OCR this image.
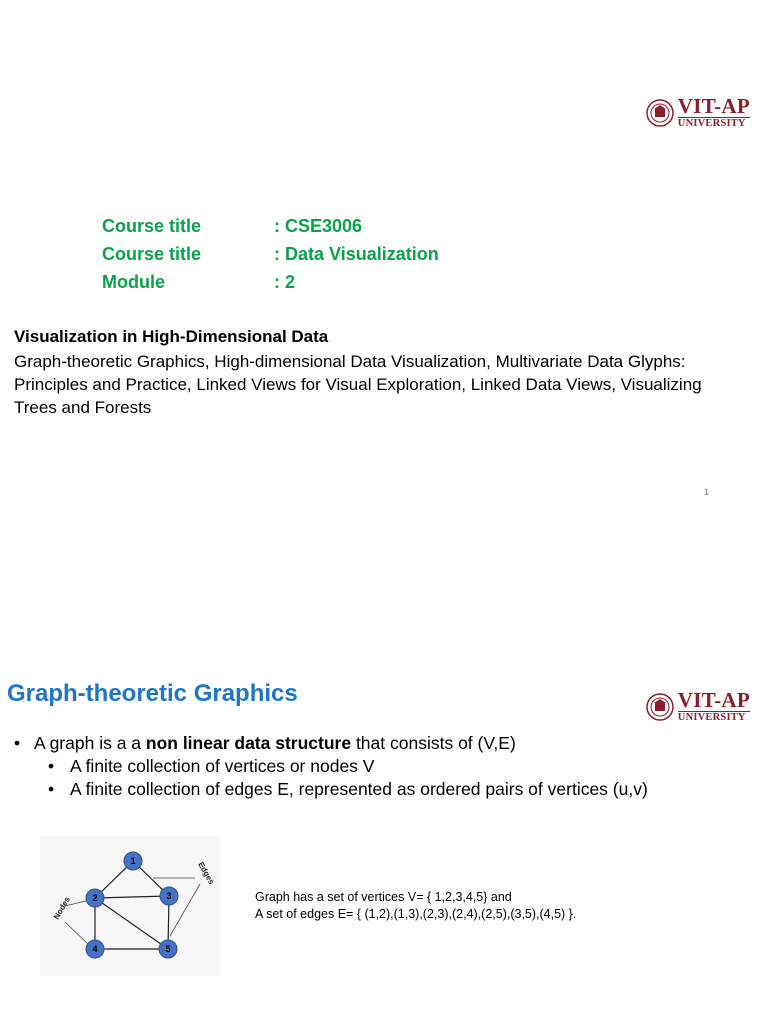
VIT-AP
UNIVERSITY
Course title	: CSE3006
Course title	: Data Visualization
Module	: 2
Visualization in High-Dimensional Data
Graph-theoretic Graphics, High-dimensional Data Visualization, Multivariate Data Glyphs: Principles and Practice, Linked Views for Visual Exploration, Linked Data Views, Visualizing Trees and Forests
1
Graph-theoretic Graphics	VIT-AP
UNIVERSITY
• A graph is a a non linear data structure that consists of (V,E)
• A finite collection of vertices or nodes V
• A finite collection of edges E, represented as ordered pairs of vertices (u,v)
Nodes
Edges
1
2	3
4	5
Graph has a set of vertices V= { 1,2,3,4,5} and
A set of edges E= { (1,2),(1,3),(2,3),(2,4),(2,5),(3,5),(4,5) }.
